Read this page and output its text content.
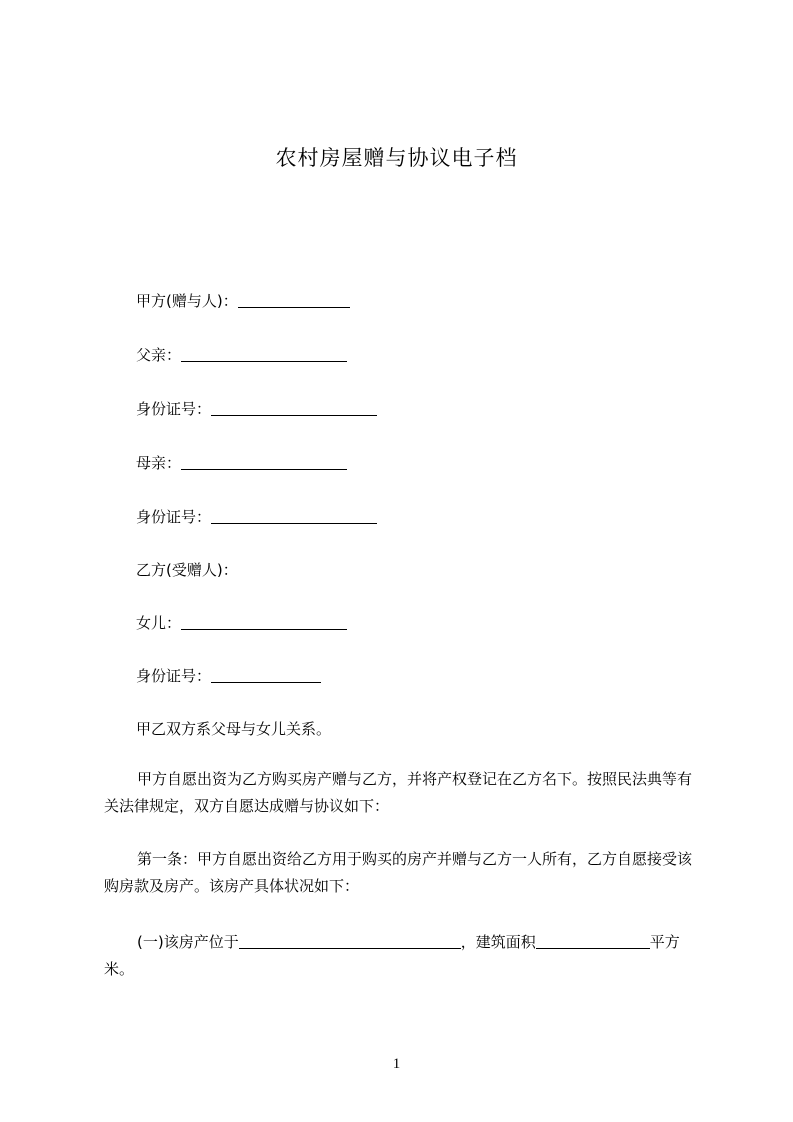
农村房屋赠与协议电子档
甲方(赠与人)：
父亲：
身份证号：
母亲：
身份证号：
乙方(受赠人)：
女儿：
身份证号：
甲乙双方系父母与女儿关系。
甲方自愿出资为乙方购买房产赠与乙方，并将产权登记在乙方名下。按照民法典等有关法律规定，双方自愿达成赠与协议如下：
第一条：甲方自愿出资给乙方用于购买的房产并赠与乙方一人所有，乙方自愿接受该购房款及房产。该房产具体状况如下：
(一)该房产位于	，建筑面积	平方
米。
1
